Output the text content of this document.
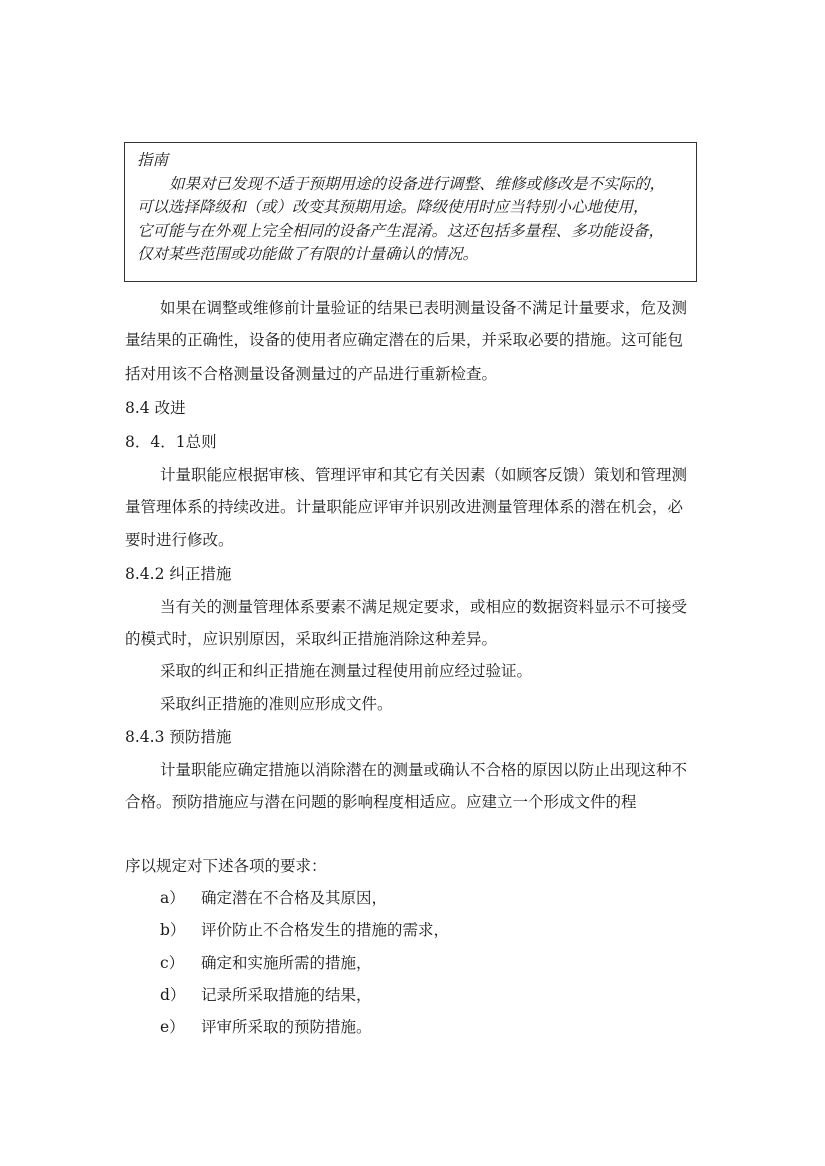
指南
如果对已发现不适于预期用途的设备进行调整、维修或修改是不实际的，
可以选择降级和（或）改变其预期用途。降级使用时应当特别小心地使用，
它可能与在外观上完全相同的设备产生混淆。这还包括多量程、多功能设备，
仅对某些范围或功能做了有限的计量确认的情况。
如果在调整或维修前计量验证的结果已表明测量设备不满足计量要求，危及测
量结果的正确性，设备的使用者应确定潜在的后果，并采取必要的措施。这可能包
括对用该不合格测量设备测量过的产品进行重新检查。
8.4 改进
8．4．1总则
计量职能应根据审核、管理评审和其它有关因素（如顾客反馈）策划和管理测
量管理体系的持续改进。计量职能应评审并识别改进测量管理体系的潜在机会，必
要时进行修改。
8.4.2 纠正措施
当有关的测量管理体系要素不满足规定要求，或相应的数据资料显示不可接受
的模式时，应识别原因，采取纠正措施消除这种差异。
采取的纠正和纠正措施在测量过程使用前应经过验证。
采取纠正措施的准则应形成文件。
8.4.3 预防措施
计量职能应确定措施以消除潜在的测量或确认不合格的原因以防止出现这种不
合格。预防措施应与潜在问题的影响程度相适应。应建立一个形成文件的程
序以规定对下述各项的要求：
a） 确定潜在不合格及其原因，
b） 评价防止不合格发生的措施的需求，
c） 确定和实施所需的措施，
d） 记录所采取措施的结果，
e） 评审所采取的预防措施。
